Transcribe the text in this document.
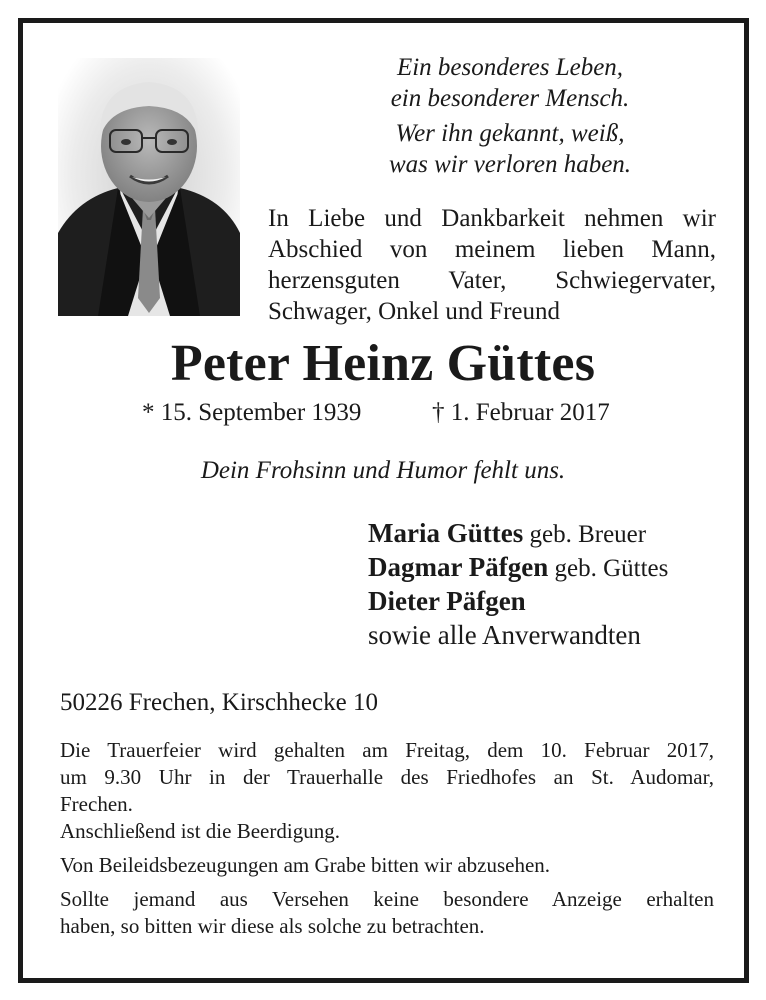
Ein besonderes Leben,
ein besonderer Mensch.
Wer ihn gekannt, weiß,
was wir verloren haben.
In Liebe und Dankbarkeit nehmen wir
Abschied von meinem lieben Mann,
herzensguten Vater, Schwiegervater,
Schwager, Onkel und Freund
Peter Heinz Güttes
* 15. September 1939	† 1. Februar 2017
Dein Frohsinn und Humor fehlt uns.
Maria Güttes geb. Breuer
Dagmar Päfgen geb. Güttes
Dieter Päfgen
sowie alle Anverwandten
50226 Frechen, Kirschhecke 10

Die Trauerfeier wird gehalten am Freitag, dem 10. Februar 2017,
um 9.30 Uhr in der Trauerhalle des Friedhofes an St. Audomar,
Frechen.
Anschließend ist die Beerdigung.

Von Beileidsbezeugungen am Grabe bitten wir abzusehen.

Sollte jemand aus Versehen keine besondere Anzeige erhalten
haben, so bitten wir diese als solche zu betrachten.
